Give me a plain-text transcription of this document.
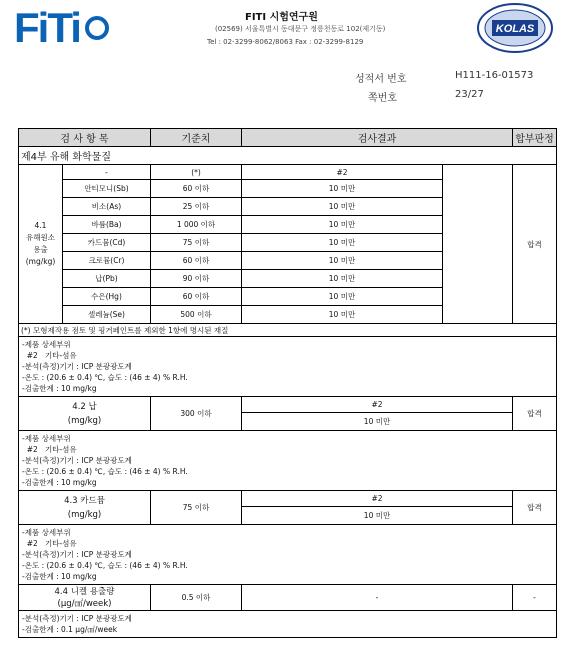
FiTi	FITI 시험연구원
(02569) 서울특별시 동대문구 정릉천동로 102(제기동)
Tel : 02-3299-8062/8063 Fax : 02-3299-8129
KOLAS
성적서 번호	H111-16-01573
쪽번호	23/27
검 사 항 목		기준치	검사결과		합부판정
제4부 유해 화학물질					
4.1
유해원소
용출
(mg/kg)	-	(*)	#2		합격
	안티모니(Sb)	60 이하	10 미만		
	비소(As)	25 이하	10 미만		
	바륨(Ba)	1 000 이하	10 미만		
	카드뮴(Cd)	75 이하	10 미만		
	크로뮴(Cr)	60 이하	10 미만		
	납(Pb)	90 이하	10 미만		
	수은(Hg)	60 이하	10 미만		
	셀레늄(Se)	500 이하	10 미만		
(*) 모형제작용 점토 및 핑거페인트를 제외한 1항에 명시된 재질					

-제품 상세부위
#2   기타-섬유
-분석(측정)기기 : ICP 분광광도계
-온도 : (20.6 ± 0.4) ℃, 습도 : (46 ± 4) % R.H.
-검출한계 : 10 mg/kg					

4.2 납
(mg/kg)		300 이하	#2		합격
			10 미만		

-제품 상세부위
#2   기타-섬유
-분석(측정)기기 : ICP 분광광도계
-온도 : (20.6 ± 0.4) ℃, 습도 : (46 ± 4) % R.H.
-검출한계 : 10 mg/kg					

4.3 카드뮴
(mg/kg)		75 이하	#2		합격
			10 미만		

-제품 상세부위
#2   기타-섬유
-분석(측정)기기 : ICP 분광광도계
-온도 : (20.6 ± 0.4) ℃, 습도 : (46 ± 4) % R.H.
-검출한계 : 10 mg/kg					

4.4 니켈 용출량
(μg/㎠/week)		0.5 이하	-		-

-분석(측정)기기 : ICP 분광광도계
-검출한계 : 0.1 μg/㎠/week					
